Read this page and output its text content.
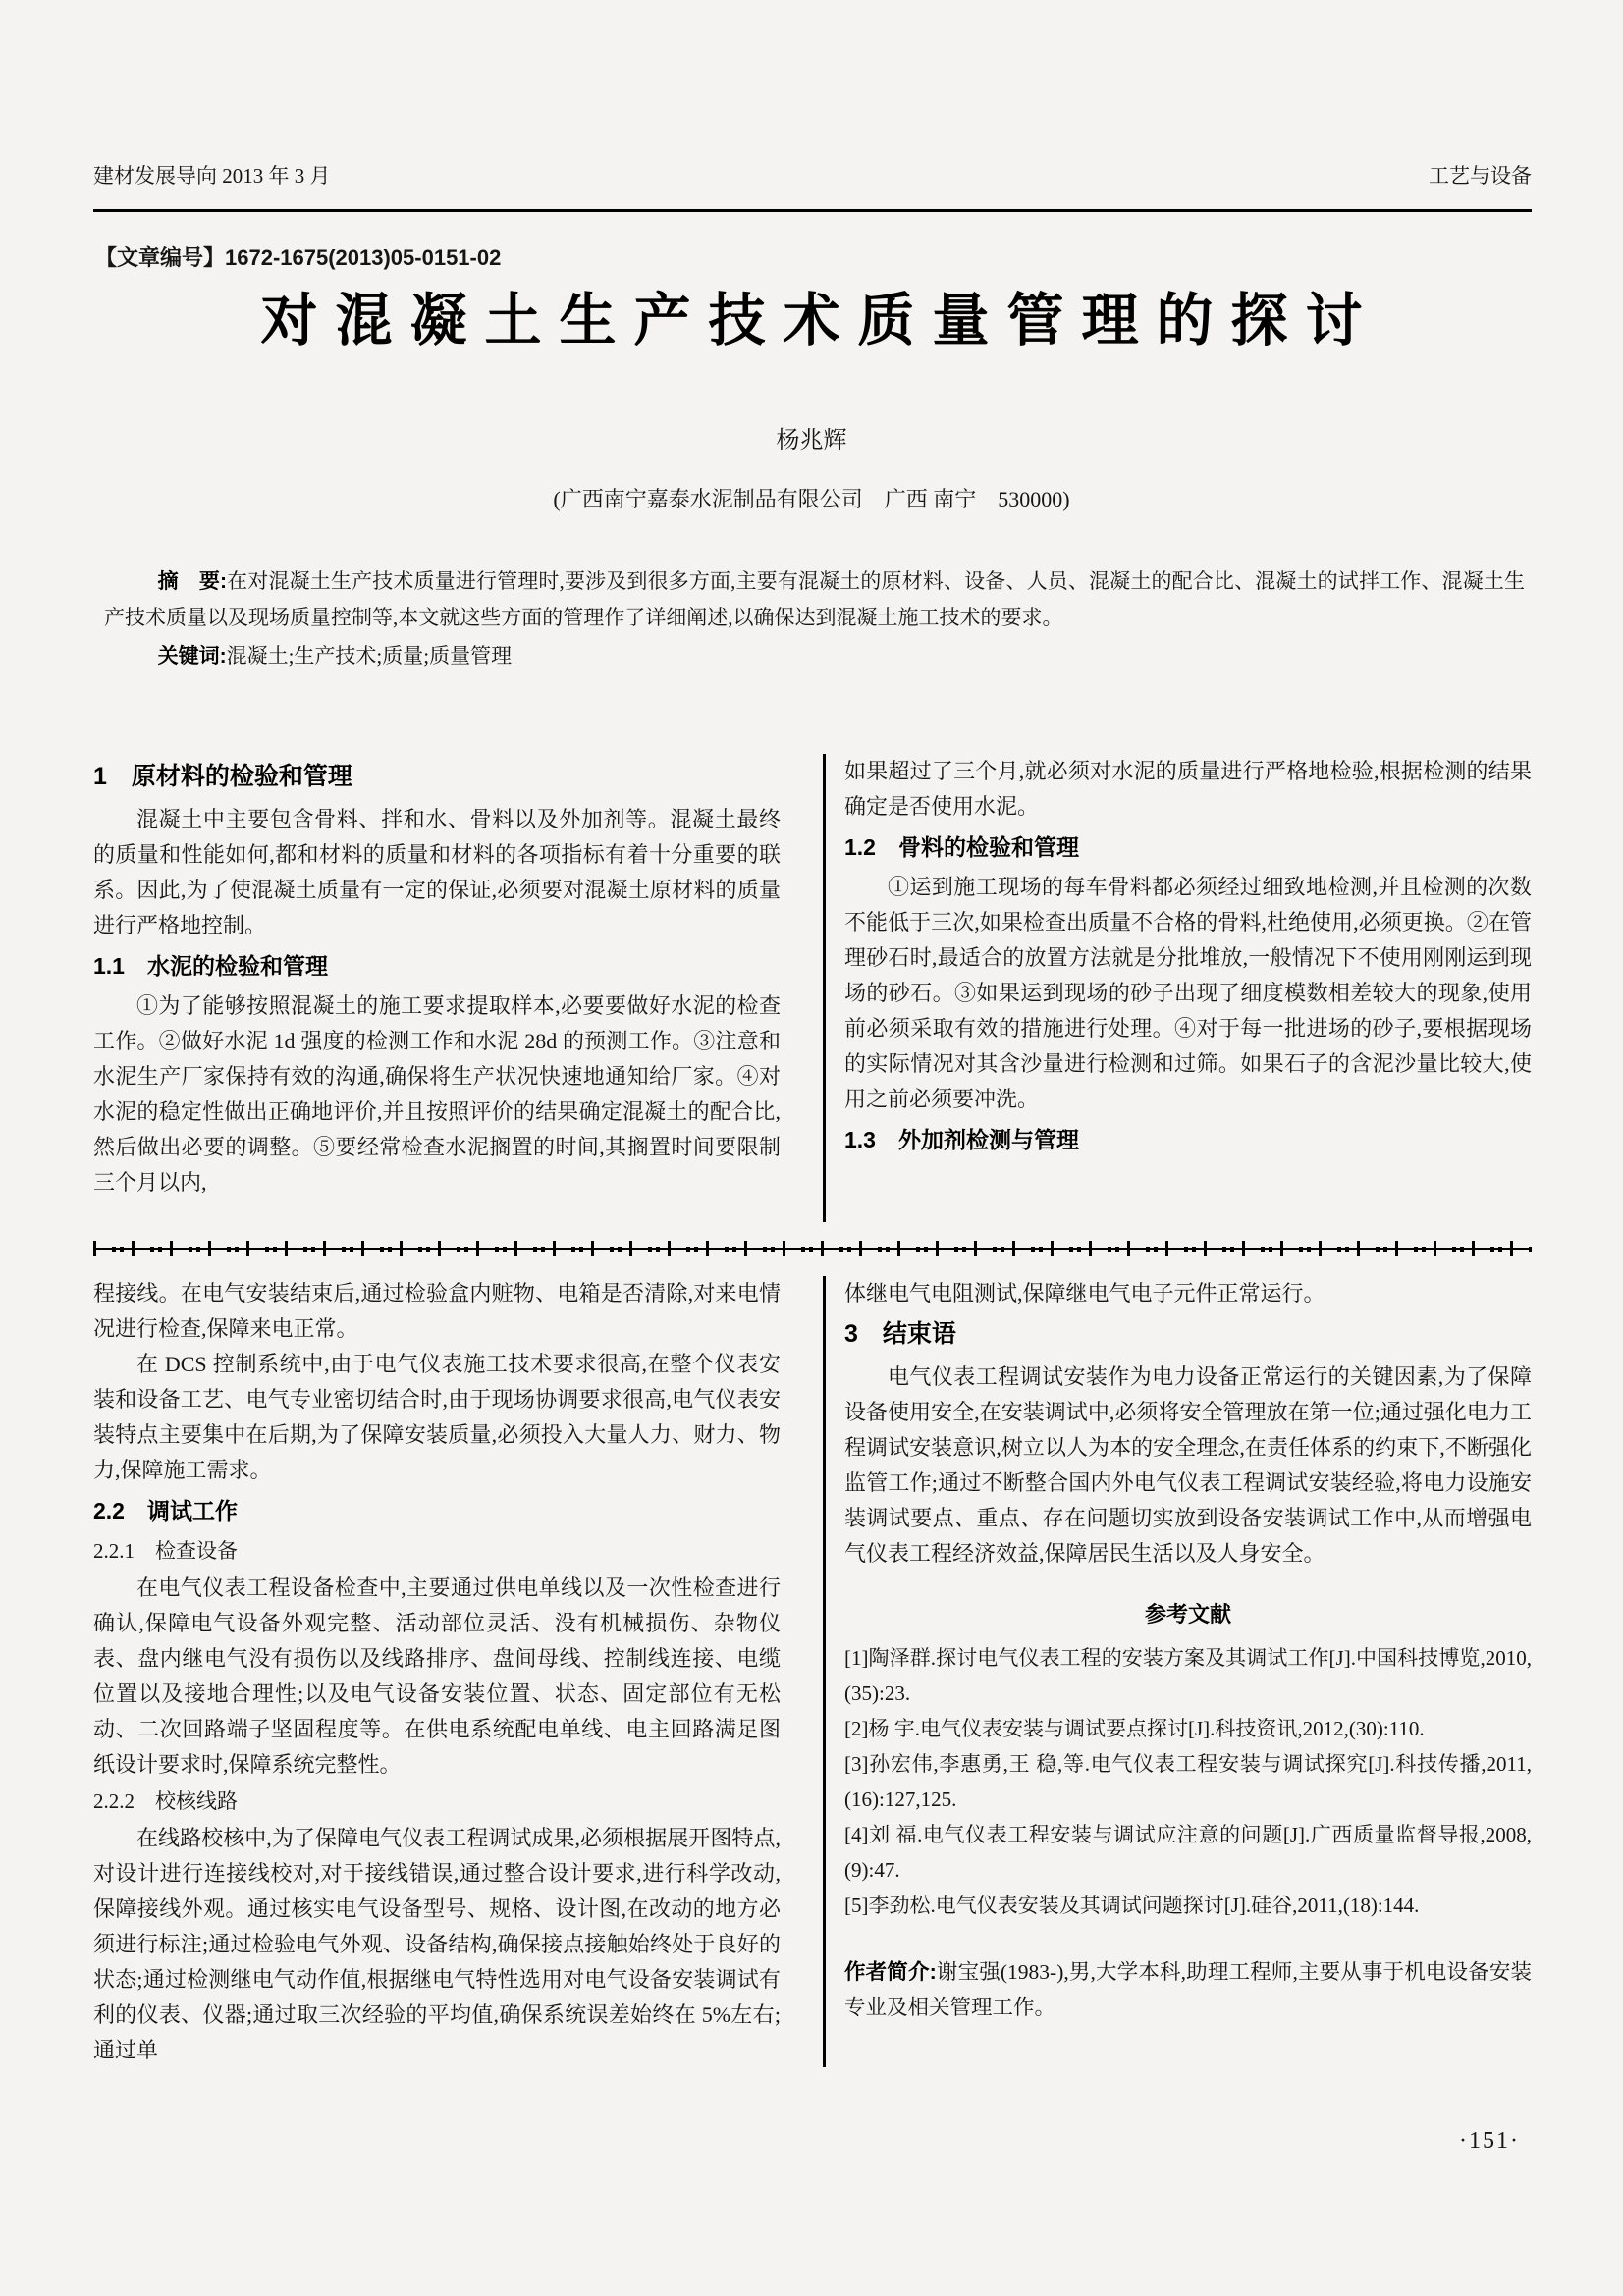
建材发展导向 2013 年 3 月	工艺与设备
【文章编号】1672-1675(2013)05-0151-02
对混凝土生产技术质量管理的探讨
杨兆辉
(广西南宁嘉泰水泥制品有限公司　广西 南宁　530000)

摘　要:在对混凝土生产技术质量进行管理时,要涉及到很多方面,主要有混凝土的原材料、设备、人员、混凝土的配合比、混凝土的试拌工作、混凝土生产技术质量以及现场质量控制等,本文就这些方面的管理作了详细阐述,以确保达到混凝土施工技术的要求。

关键词:混凝土;生产技术;质量;质量管理

1　原材料的检验和管理

混凝土中主要包含骨料、拌和水、骨料以及外加剂等。混凝土最终的质量和性能如何,都和材料的质量和材料的各项指标有着十分重要的联系。因此,为了使混凝土质量有一定的保证,必须要对混凝土原材料的质量进行严格地控制。

1.1　水泥的检验和管理

①为了能够按照混凝土的施工要求提取样本,必要要做好水泥的检查工作。②做好水泥 1d 强度的检测工作和水泥 28d 的预测工作。③注意和水泥生产厂家保持有效的沟通,确保将生产状况快速地通知给厂家。④对水泥的稳定性做出正确地评价,并且按照评价的结果确定混凝土的配合比,然后做出必要的调整。⑤要经常检查水泥搁置的时间,其搁置时间要限制三个月以内,

如果超过了三个月,就必须对水泥的质量进行严格地检验,根据检测的结果确定是否使用水泥。

1.2　骨料的检验和管理

①运到施工现场的每车骨料都必须经过细致地检测,并且检测的次数不能低于三次,如果检查出质量不合格的骨料,杜绝使用,必须更换。②在管理砂石时,最适合的放置方法就是分批堆放,一般情况下不使用刚刚运到现场的砂石。③如果运到现场的砂子出现了细度模数相差较大的现象,使用前必须采取有效的措施进行处理。④对于每一批进场的砂子,要根据现场的实际情况对其含沙量进行检测和过筛。如果石子的含泥沙量比较大,使用之前必须要冲洗。

1.3　外加剂检测与管理

程接线。在电气安装结束后,通过检验盒内赃物、电箱是否清除,对来电情况进行检查,保障来电正常。

在 DCS 控制系统中,由于电气仪表施工技术要求很高,在整个仪表安装和设备工艺、电气专业密切结合时,由于现场协调要求很高,电气仪表安装特点主要集中在后期,为了保障安装质量,必须投入大量人力、财力、物力,保障施工需求。

2.2　调试工作
2.2.1　检查设备

在电气仪表工程设备检查中,主要通过供电单线以及一次性检查进行确认,保障电气设备外观完整、活动部位灵活、没有机械损伤、杂物仪表、盘内继电气没有损伤以及线路排序、盘间母线、控制线连接、电缆位置以及接地合理性;以及电气设备安装位置、状态、固定部位有无松动、二次回路端子坚固程度等。在供电系统配电单线、电主回路满足图纸设计要求时,保障系统完整性。

2.2.2　校核线路

在线路校核中,为了保障电气仪表工程调试成果,必须根据展开图特点,对设计进行连接线校对,对于接线错误,通过整合设计要求,进行科学改动,保障接线外观。通过核实电气设备型号、规格、设计图,在改动的地方必须进行标注;通过检验电气外观、设备结构,确保接点接触始终处于良好的状态;通过检测继电气动作值,根据继电气特性选用对电气设备安装调试有利的仪表、仪器;通过取三次经验的平均值,确保系统误差始终在 5%左右;通过单

体继电气电阻测试,保障继电气电子元件正常运行。

3　结束语

电气仪表工程调试安装作为电力设备正常运行的关键因素,为了保障设备使用安全,在安装调试中,必须将安全管理放在第一位;通过强化电力工程调试安装意识,树立以人为本的安全理念,在责任体系的约束下,不断强化监管工作;通过不断整合国内外电气仪表工程调试安装经验,将电力设施安装调试要点、重点、存在问题切实放到设备安装调试工作中,从而增强电气仪表工程经济效益,保障居民生活以及人身安全。

参考文献

[1]陶泽群.探讨电气仪表工程的安装方案及其调试工作[J].中国科技博览,2010,(35):23.

[2]杨 宇.电气仪表安装与调试要点探讨[J].科技资讯,2012,(30):110.

[3]孙宏伟,李惠勇,王 稳,等.电气仪表工程安装与调试探究[J].科技传播,2011,(16):127,125.

[4]刘 福.电气仪表工程安装与调试应注意的问题[J].广西质量监督导报,2008,(9):47.

[5]李劲松.电气仪表安装及其调试问题探讨[J].硅谷,2011,(18):144.

作者简介:谢宝强(1983-),男,大学本科,助理工程师,主要从事于机电设备安装专业及相关管理工作。

·151·
